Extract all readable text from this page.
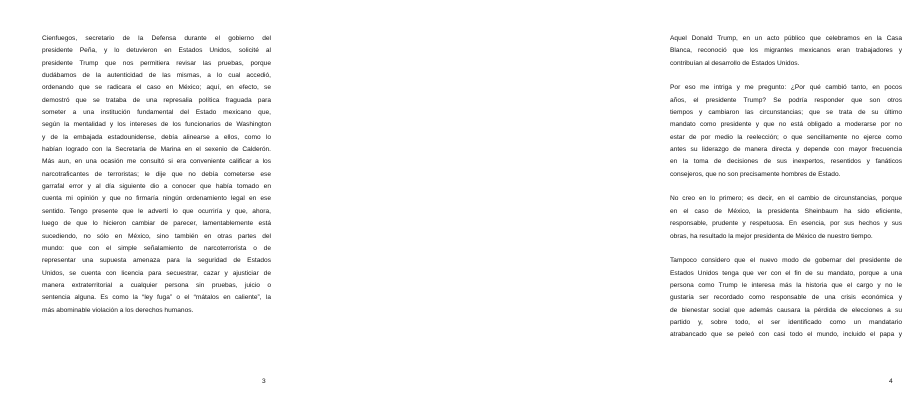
Cienfuegos, secretario de la Defensa durante el gobierno del
presidente Peña, y lo detuvieron en Estados Unidos, solicité al
presidente Trump que nos permitiera revisar las pruebas, porque
dudábamos de la autenticidad de las mismas, a lo cual accedió,
ordenando que se radicara el caso en México; aquí, en efecto, se
demostró que se trataba de una represalia política fraguada para
someter a una institución fundamental del Estado mexicano que,
según la mentalidad y los intereses de los funcionarios de Washington
y de la embajada estadounidense, debía alinearse a ellos, como lo
habían logrado con la Secretaría de Marina en el sexenio de Calderón.
Más aun, en una ocasión me consultó si era conveniente calificar a los
narcotraficantes de terroristas; le dije que no debía cometerse ese
garrafal error y al día siguiente dio a conocer que había tomado en
cuenta mi opinión y que no firmaría ningún ordenamiento legal en ese
sentido. Tengo presente que le advertí lo que ocurriría y que, ahora,
luego de que lo hicieron cambiar de parecer, lamentablemente está
sucediendo, no sólo en México, sino también en otras partes del
mundo: que con el simple señalamiento de narcoterrorista o de
representar una supuesta amenaza para la seguridad de Estados
Unidos, se cuenta con licencia para secuestrar, cazar y ajusticiar de
manera extraterritorial a cualquier persona sin pruebas, juicio o
sentencia alguna. Es como la “ley fuga” o el “mátalos en caliente”, la
más abominable violación a los derechos humanos.
3
Aquel Donald Trump, en un acto público que celebramos en la Casa
Blanca, reconoció que los migrantes mexicanos eran trabajadores y
contribuían al desarrollo de Estados Unidos.
Por eso me intriga y me pregunto: ¿Por qué cambió tanto, en pocos
años, el presidente Trump? Se podría responder que son otros
tiempos y cambiaron las circunstancias; que se trata de su último
mandato como presidente y que no está obligado a moderarse por no
estar de por medio la reelección; o que sencillamente no ejerce como
antes su liderazgo de manera directa y depende con mayor frecuencia
en la toma de decisiones de sus inexpertos, resentidos y fanáticos
consejeros, que no son precisamente hombres de Estado.
No creo en lo primero; es decir, en el cambio de circunstancias, porque
en el caso de México, la presidenta Sheinbaum ha sido eficiente,
responsable, prudente y respetuosa. En esencia, por sus hechos y sus
obras, ha resultado la mejor presidenta de México de nuestro tiempo.
Tampoco considero que el nuevo modo de gobernar del presidente de
Estados Unidos tenga que ver con el fin de su mandato, porque a una
persona como Trump le interesa más la historia que el cargo y no le
gustaría ser recordado como responsable de una crisis económica y
de bienestar social que además causara la pérdida de elecciones a su
partido y, sobre todo, el ser identificado como un mandatario
atrabancado que se peleó con casi todo el mundo, incluido el papa y
4
